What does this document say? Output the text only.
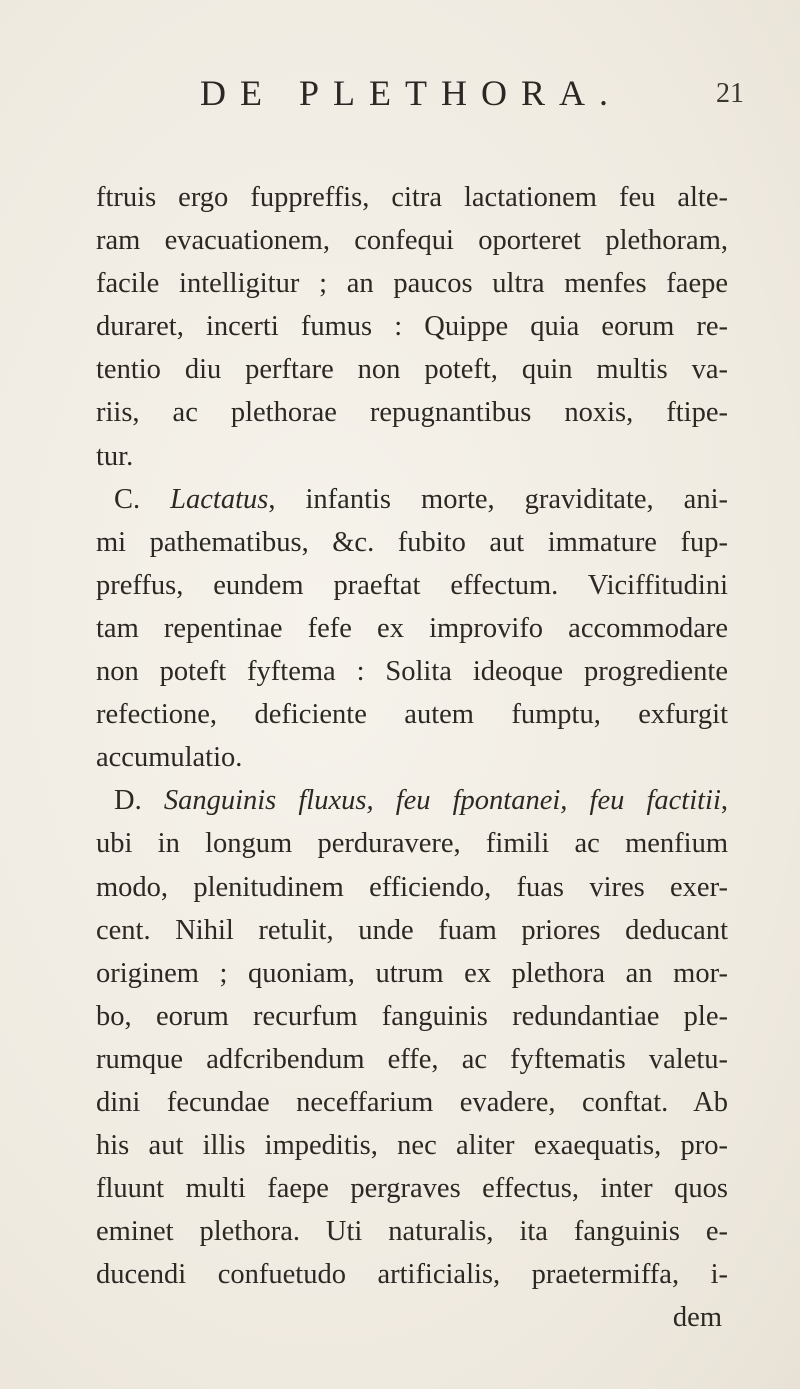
DE PLETHORA.	21
ftruis ergo fuppreffis, citra lactationem feu alte-
ram evacuationem, confequi oporteret plethoram,
facile intelligitur ; an paucos ultra menfes faepe
duraret, incerti fumus : Quippe quia eorum re-
tentio diu perftare non poteft, quin multis va-
riis, ac plethorae repugnantibus noxis, ftipe-
tur.
C. Lactatus, infantis morte, graviditate, ani-
mi pathematibus, &c. fubito aut immature fup-
preffus, eundem praeftat effectum. Viciffitudini
tam repentinae fefe ex improvifo accommodare
non poteft fyftema : Solita ideoque progrediente
refectione, deficiente autem fumptu, exfurgit
accumulatio.
D. Sanguinis fluxus, feu fpontanei, feu factitii,
ubi in longum perduravere, fimili ac menfium
modo, plenitudinem efficiendo, fuas vires exer-
cent. Nihil retulit, unde fuam priores deducant
originem ; quoniam, utrum ex plethora an mor-
bo, eorum recurfum fanguinis redundantiae ple-
rumque adfcribendum effe, ac fyftematis valetu-
dini fecundae neceffarium evadere, conftat. Ab
his aut illis impeditis, nec aliter exaequatis, pro-
fluunt multi faepe pergraves effectus, inter quos
eminet plethora. Uti naturalis, ita fanguinis e-
ducendi confuetudo artificialis, praetermiffa, i-
dem
